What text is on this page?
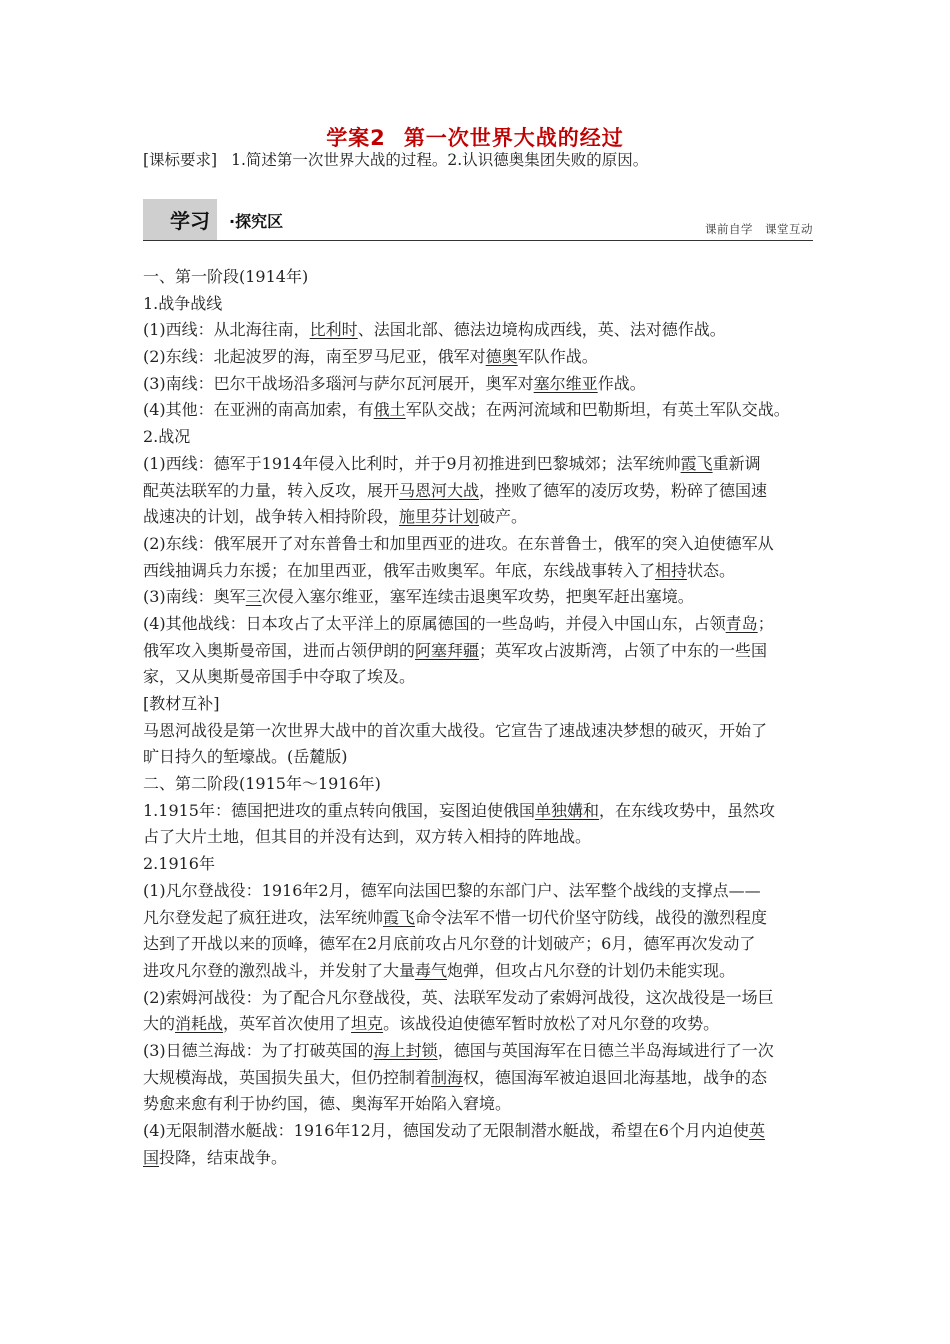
学案2 第一次世界大战的经过
[课标要求] 1.简述第一次世界大战的过程。2.认识德奥集团失败的原因。
学习 ·探究区	课前自学 课堂互动
一、第一阶段(1914年)
1.战争战线
(1)西线：从北海往南，比利时、法国北部、德法边境构成西线，英、法对德作战。
(2)东线：北起波罗的海，南至罗马尼亚，俄军对德奥军队作战。
(3)南线：巴尔干战场沿多瑙河与萨尔瓦河展开，奥军对塞尔维亚作战。
(4)其他：在亚洲的南高加索，有俄土军队交战；在两河流域和巴勒斯坦，有英土军队交战。
2.战况
(1)西线：德军于1914年侵入比利时，并于9月初推进到巴黎城郊；法军统帅霞飞重新调
配英法联军的力量，转入反攻，展开马恩河大战，挫败了德军的凌厉攻势，粉碎了德国速
战速决的计划，战争转入相持阶段，施里芬计划破产。
(2)东线：俄军展开了对东普鲁士和加里西亚的进攻。在东普鲁士，俄军的突入迫使德军从
西线抽调兵力东援；在加里西亚，俄军击败奥军。年底，东线战事转入了相持状态。
(3)南线：奥军三次侵入塞尔维亚，塞军连续击退奥军攻势，把奥军赶出塞境。
(4)其他战线：日本攻占了太平洋上的原属德国的一些岛屿，并侵入中国山东，占领青岛；
俄军攻入奥斯曼帝国，进而占领伊朗的阿塞拜疆；英军攻占波斯湾，占领了中东的一些国
家，又从奥斯曼帝国手中夺取了埃及。
[教材互补]
马恩河战役是第一次世界大战中的首次重大战役。它宣告了速战速决梦想的破灭，开始了
旷日持久的堑壕战。(岳麓版)
二、第二阶段(1915年～1916年)
1.1915年：德国把进攻的重点转向俄国，妄图迫使俄国单独媾和，在东线攻势中，虽然攻
占了大片土地，但其目的并没有达到，双方转入相持的阵地战。
2.1916年
(1)凡尔登战役：1916年2月，德军向法国巴黎的东部门户、法军整个战线的支撑点——
凡尔登发起了疯狂进攻，法军统帅霞飞命令法军不惜一切代价坚守防线，战役的激烈程度
达到了开战以来的顶峰，德军在2月底前攻占凡尔登的计划破产；6月，德军再次发动了
进攻凡尔登的激烈战斗，并发射了大量毒气炮弹，但攻占凡尔登的计划仍未能实现。
(2)索姆河战役：为了配合凡尔登战役，英、法联军发动了索姆河战役，这次战役是一场巨
大的消耗战，英军首次使用了坦克。该战役迫使德军暂时放松了对凡尔登的攻势。
(3)日德兰海战：为了打破英国的海上封锁，德国与英国海军在日德兰半岛海域进行了一次
大规模海战，英国损失虽大，但仍控制着制海权，德国海军被迫退回北海基地，战争的态
势愈来愈有利于协约国，德、奥海军开始陷入窘境。
(4)无限制潜水艇战：1916年12月，德国发动了无限制潜水艇战，希望在6个月内迫使英
国投降，结束战争。
